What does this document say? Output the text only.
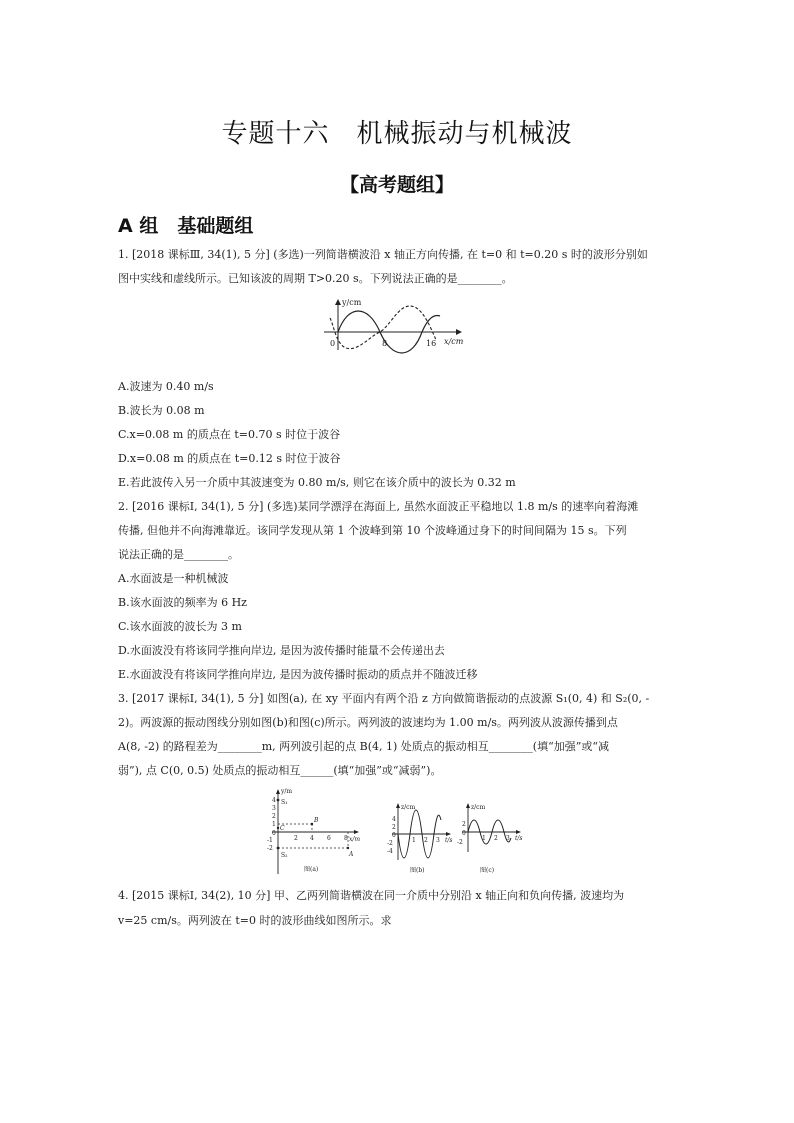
专题十六　机械振动与机械波
【高考题组】
A 组　基础题组
1. [2018 课标Ⅲ, 34(1), 5 分] (多选)一列简谐横波沿 x 轴正方向传播, 在 t=0 和 t=0.20 s 时的波形分别如
图中实线和虚线所示。已知该波的周期 T>0.20 s。下列说法正确的是________。
y/cm
x/cm
0	8	16
A.波速为 0.40 m/s
B.波长为 0.08 m
C.x=0.08 m 的质点在 t=0.70 s 时位于波谷
D.x=0.08 m 的质点在 t=0.12 s 时位于波谷
E.若此波传入另一介质中其波速变为 0.80 m/s, 则它在该介质中的波长为 0.32 m
2. [2016 课标Ⅰ, 34(1), 5 分] (多选)某同学漂浮在海面上, 虽然水面波正平稳地以 1.8 m/s 的速率向着海滩
传播, 但他并不向海滩靠近。该同学发现从第 1 个波峰到第 10 个波峰通过身下的时间间隔为 15 s。下列
说法正确的是________。
A.水面波是一种机械波
B.该水面波的频率为 6 Hz
C.该水面波的波长为 3 m
D.水面波没有将该同学推向岸边, 是因为波传播时能量不会传递出去
E.水面波没有将该同学推向岸边, 是因为波传播时振动的质点并不随波迁移
3. [2017 课标Ⅰ, 34(1), 5 分] 如图(a), 在 xy 平面内有两个沿 z 方向做简谐振动的点波源 S₁(0, 4) 和 S₂(0, -
2)。两波源的振动图线分别如图(b)和图(c)所示。两列波的波速均为 1.00 m/s。两列波从波源传播到点
A(8, -2) 的路程差为________m, 两列波引起的点 B(4, 1) 处质点的振动相互________(填“加强”或“减
弱”), 点 C(0, 0.5) 处质点的振动相互______(填“加强”或“减弱”)。
y/m
x/m
4
3
2
1
0
-1
-2
2 4 6 8
S₁
S₂
B
A
C
图(a)
z/cm
t/s
4
2
0
-2
-4
1 2 3
图(b)
z/cm
t/s
2
0
-2
1 2 3
图(c)
4. [2015 课标Ⅰ, 34(2), 10 分] 甲、乙两列简谐横波在同一介质中分别沿 x 轴正向和负向传播, 波速均为
v=25 cm/s。两列波在 t=0 时的波形曲线如图所示。求
